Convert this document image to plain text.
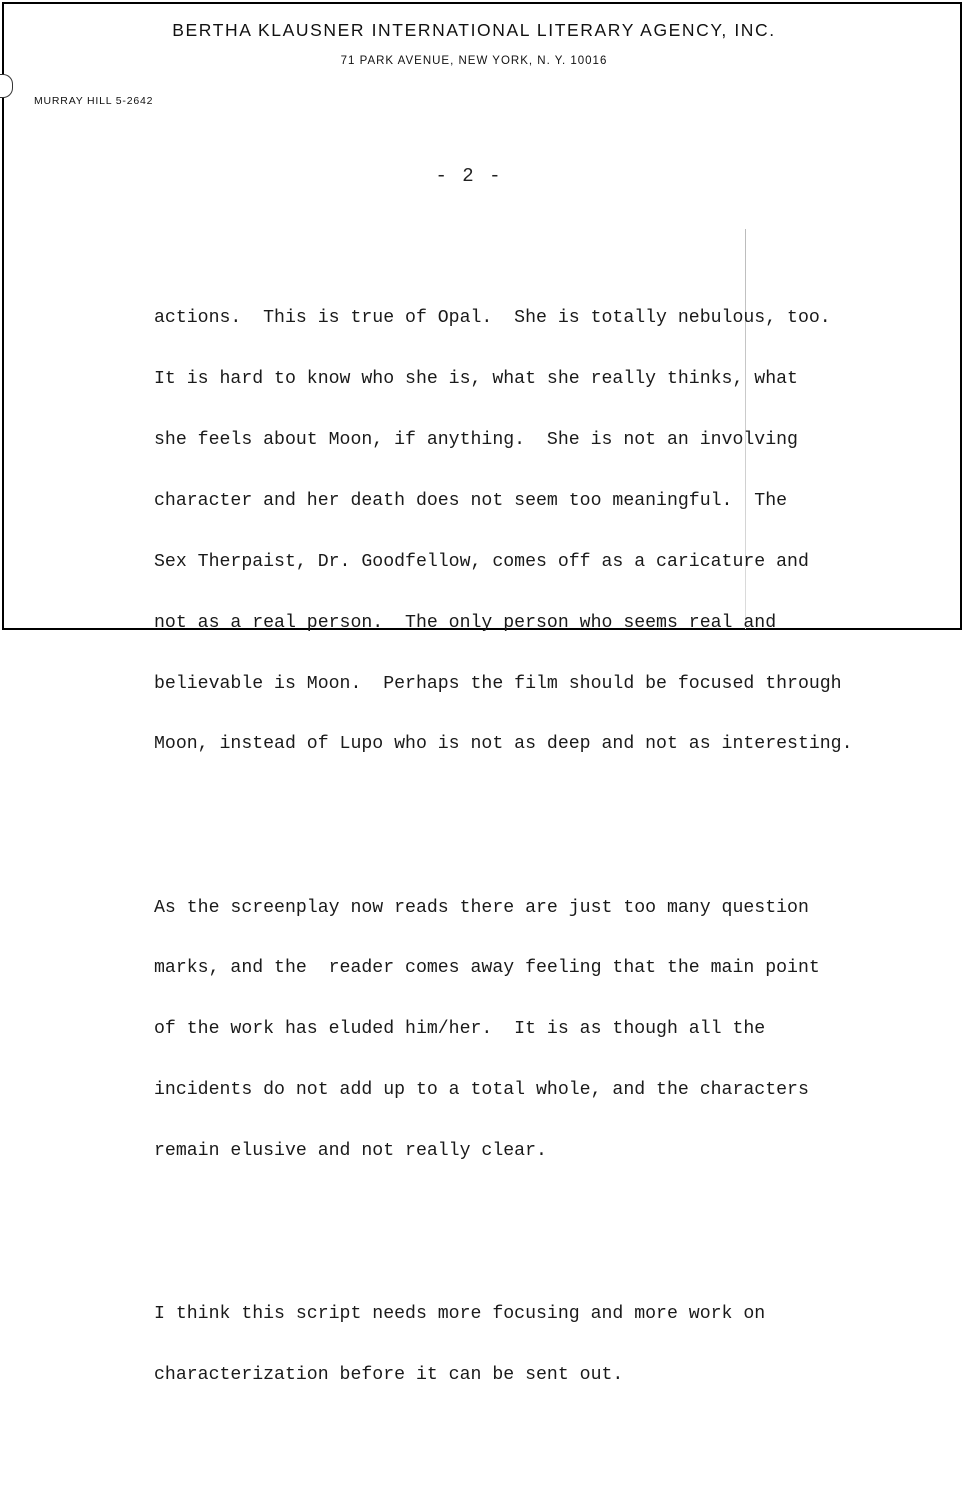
BERTHA KLAUSNER INTERNATIONAL LITERARY AGENCY, INC.
71 PARK AVENUE, NEW YORK, N. Y. 10016
MURRAY HILL 5-2642
- 2 -

actions.  This is true of Opal.  She is totally nebulous, too.

It is hard to know who she is, what she really thinks, what

she feels about Moon, if anything.  She is not an involving

character and her death does not seem too meaningful.  The

Sex Therpaist, Dr. Goodfellow, comes off as a caricature and

not as a real person.  The only person who seems real and

believable is Moon.  Perhaps the film should be focused through

Moon, instead of Lupo who is not as deep and not as interesting.

As the screenplay now reads there are just too many question

marks, and the  reader comes away feeling that the main point

of the work has eluded him/her.  It is as though all the

incidents do not add up to a total whole, and the characters

remain elusive and not really clear.

I think this script needs more focusing and more work on

characterization before it can be sent out.
